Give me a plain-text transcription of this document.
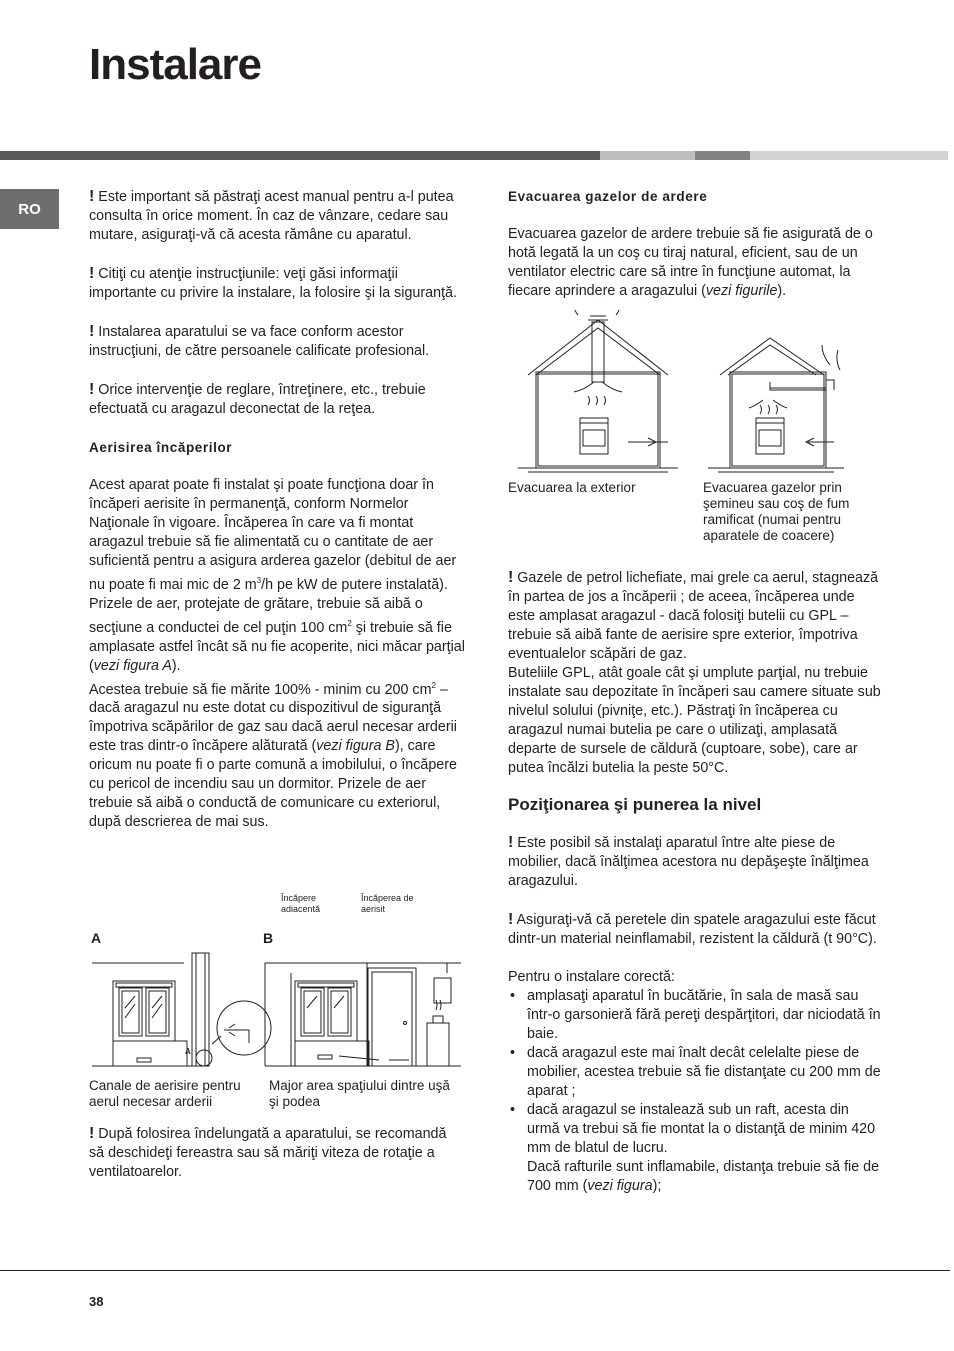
Instalare
RO

! Este important să păstraţi acest manual pentru a-l putea consulta în orice moment. În caz de vânzare, cedare sau mutare, asiguraţi-vă că acesta rămâne cu aparatul.

! Citiţi cu atenţie instrucţiunile: veţi găsi informaţii importante cu privire la instalare, la folosire şi la siguranţă.

! Instalarea aparatului se va face conform acestor instrucţiuni, de către persoanele calificate profesional.

! Orice intervenţie de reglare, întreţinere, etc., trebuie efectuată cu aragazul deconectat de la reţea.

Aerisirea încăperilor

Acest aparat poate fi instalat şi poate funcţiona doar în încăperi aerisite în permanenţă, conform Normelor Naţionale în vigoare. Încăperea în care va fi montat aragazul trebuie să fie alimentată cu o cantitate de aer suficientă pentru a asigura arderea gazelor (debitul de aer nu poate fi mai mic de 2 $m^3/h$ pe kW de putere instalată).

Prizele de aer, protejate de grătare, trebuie să aibă o secţiune a conductei de cel puţin 100 $cm^2$ şi trebuie să fie amplasate astfel încât să nu fie acoperite, nici măcar parţial (vezi figura A).

Acestea trebuie să fie mărite 100% - minim cu 200 $cm^2$ – dacă aragazul nu este dotat cu dispozitivul de siguranţă împotriva scăpărilor de gaz sau dacă aerul necesar arderii este tras dintr-o încăpere alăturată (vezi figura B), care oricum nu poate fi o parte comună a imobilului, o încăpere cu pericol de incendiu sau un dormitor. Prizele de aer trebuie să aibă o conductă de comunicare cu exteriorul, după descrierea de mai sus.

Încăpere adiacentă
Încăperea de aerisit
A	B
A
Canale de aerisire pentru aerul necesar arderii
Major area spaţiului dintre uşă şi podea

! După folosirea îndelungată a aparatului, se recomandă să deschideţi fereastra sau să măriţi viteza de rotaţie a ventilatoarelor.

Evacuarea gazelor de ardere

Evacuarea gazelor de ardere trebuie să fie asigurată de o hotă legată la un coş cu tiraj natural, eficient, sau de un ventilator electric care să intre în funcţiune automat, la fiecare aprindere a aragazului (vezi figurile).

Evacuarea la exterior	Evacuarea gazelor prin şemineu sau coş de fum ramificat (numai pentru aparatele de coacere)

! Gazele de petrol lichefiate, mai grele ca aerul, stagnează în partea de jos a încăperii ; de aceea, încăperea unde este amplasat aragazul - dacă folosiţi butelii cu GPL – trebuie să aibă fante de aerisire spre exterior, împotriva eventualelor scăpări de gaz.

Buteliile GPL, atât goale cât şi umplute parţial, nu trebuie instalate sau depozitate în încăperi sau camere situate sub nivelul solului (pivniţe, etc.). Păstraţi în încăperea cu aragazul numai butelia pe care o utilizaţi, amplasată departe de sursele de căldură (cuptoare, sobe), care ar putea încălzi butelia la peste 50°C.

Poziţionarea şi punerea la nivel

! Este posibil să instalaţi aparatul între alte piese de mobilier, dacă înălţimea acestora nu depăşeşte înălţimea aragazului.

! Asiguraţi-vă că peretele din spatele aragazului este făcut dintr-un material neinflamabil, rezistent la căldură (t 90°C).

Pentru o instalare corectă:

• amplasaţi aparatul în bucătărie, în sala de masă sau într-o garsonieră fără pereţi despărţitori, dar niciodată în baie.
• dacă aragazul este mai înalt decât celelalte piese de mobilier, acestea trebuie să fie distanţate cu 200 mm de aparat ;
• dacă aragazul se instalează sub un raft, acesta din urmă va trebui să fie montat la o distanţă de minim 420 mm de blatul de lucru.
Dacă rafturile sunt inflamabile, distanţa trebuie să fie de 700 mm (vezi figura);
38
